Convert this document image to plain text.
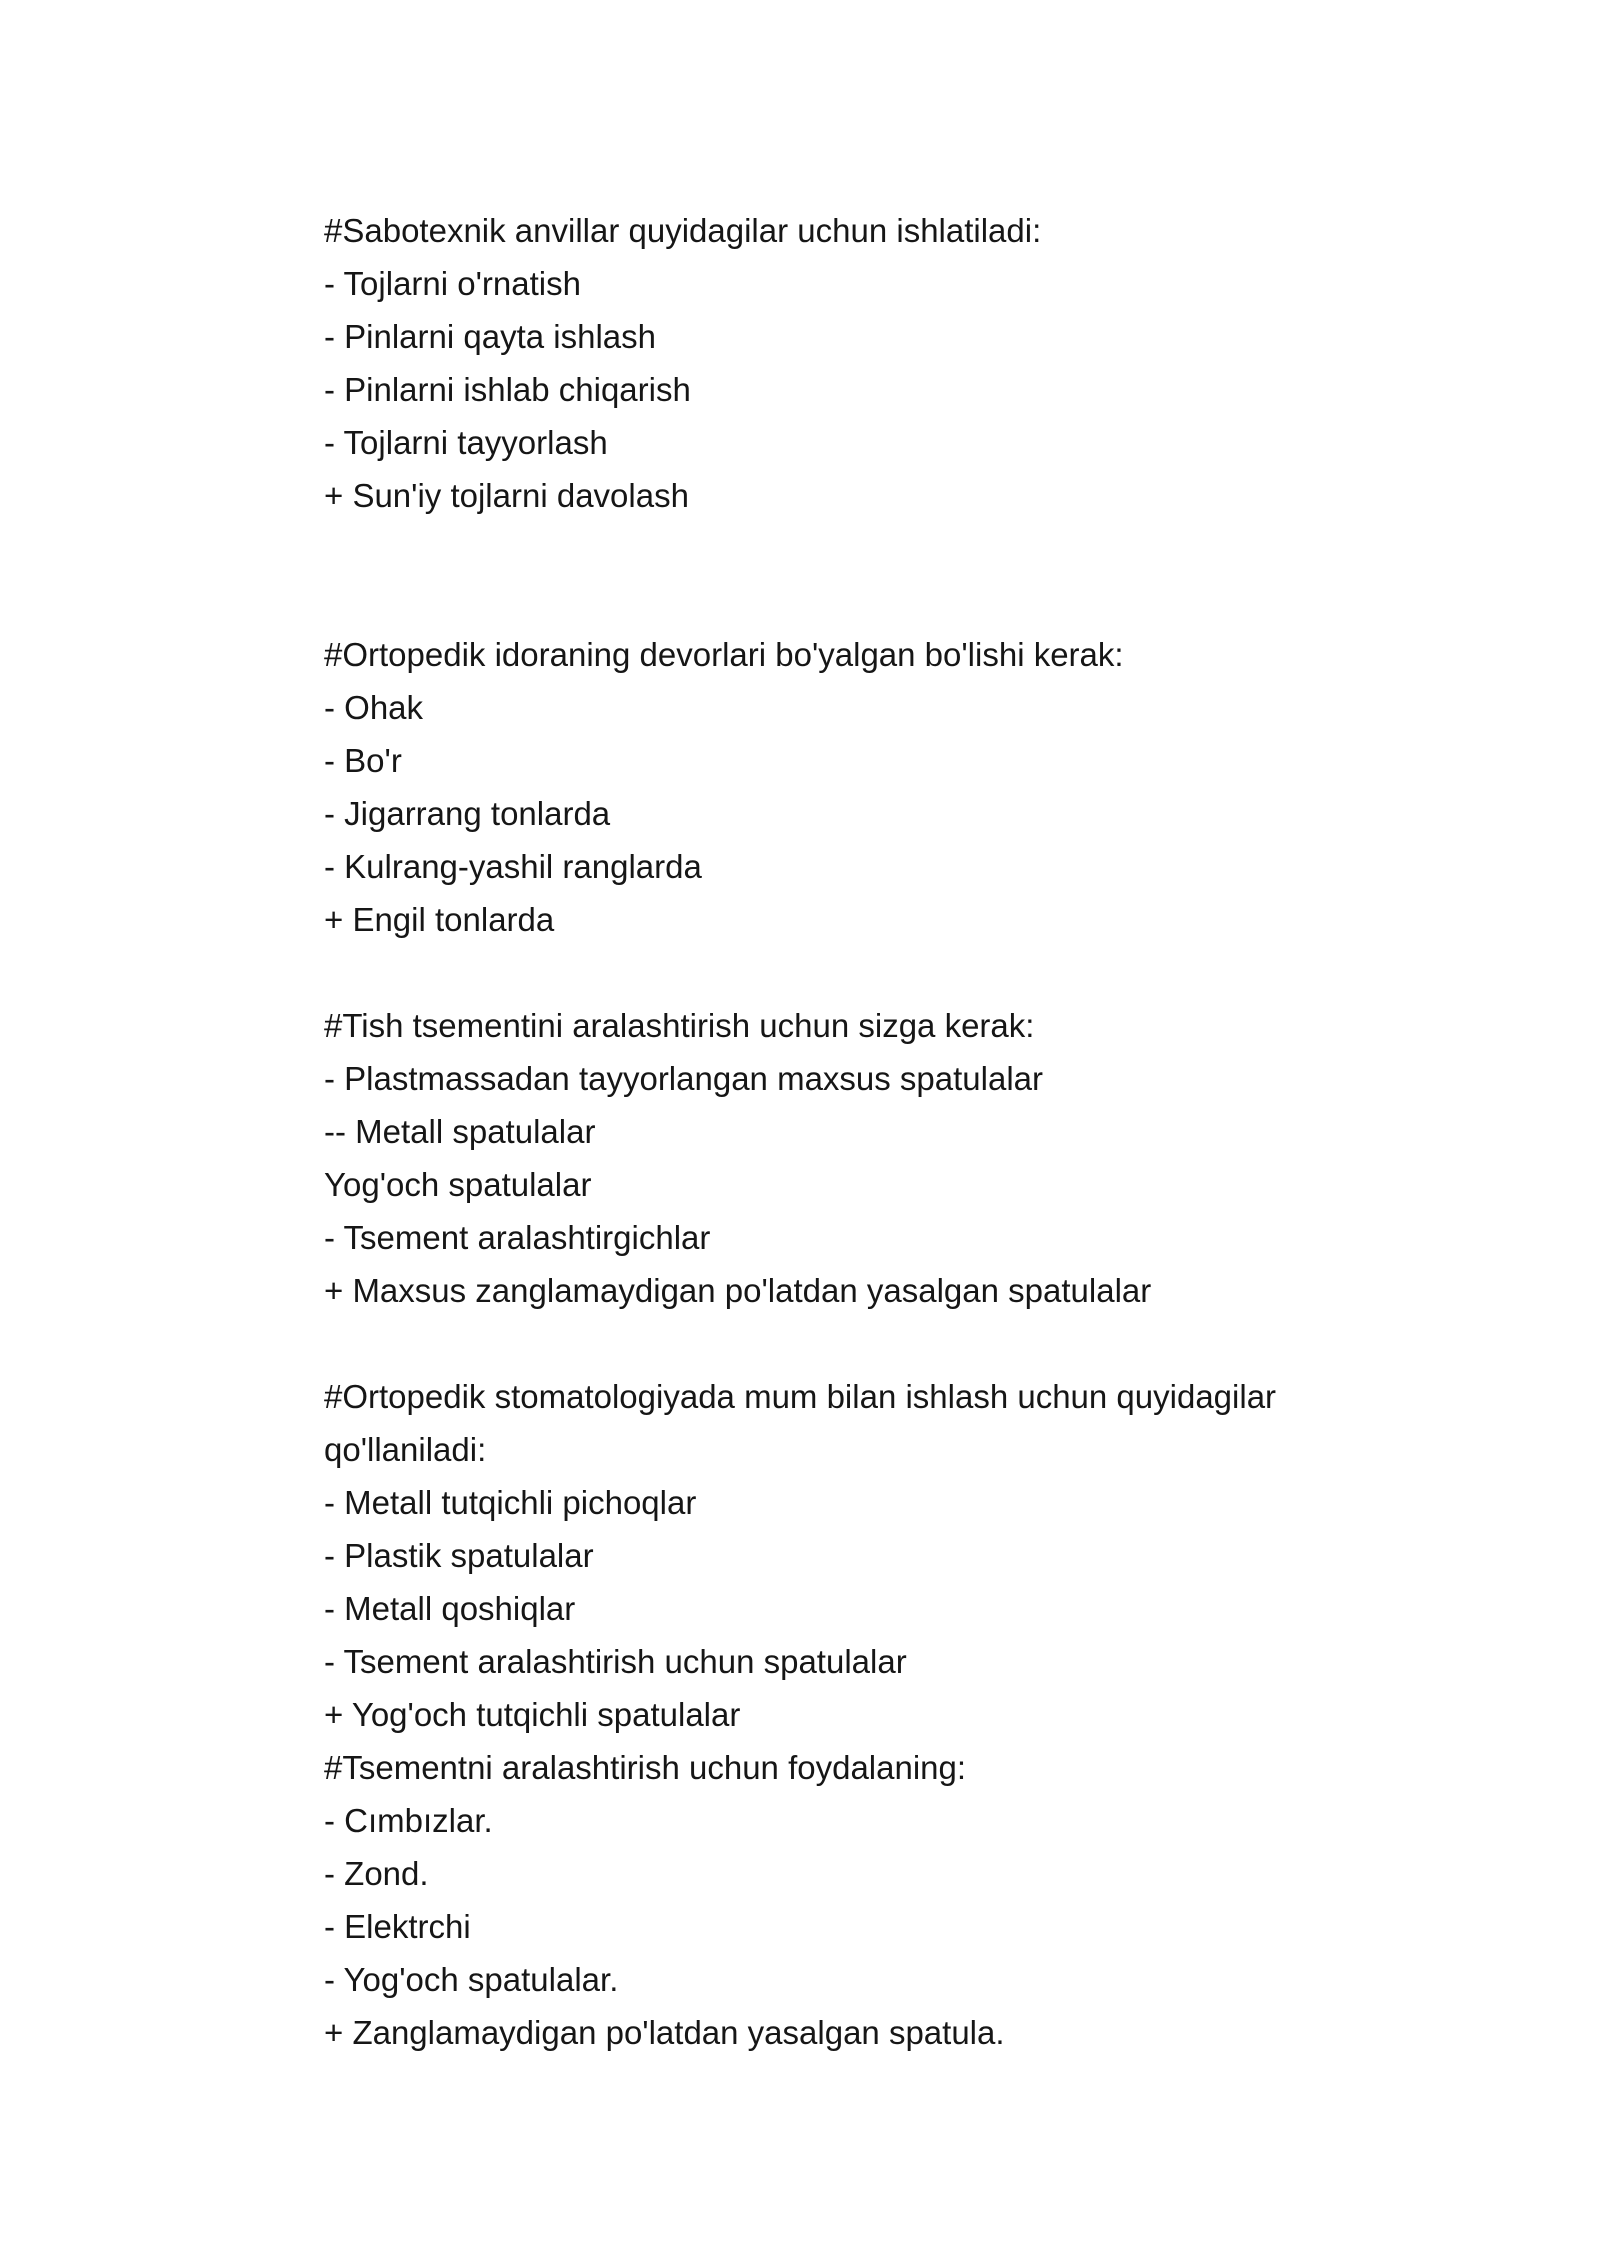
#Sabotexnik anvillar quyidagilar uchun ishlatiladi:
- Tojlarni o'rnatish
- Pinlarni qayta ishlash
- Pinlarni ishlab chiqarish
- Tojlarni tayyorlash
+ Sun'iy tojlarni davolash
#Ortopedik idoraning devorlari bo'yalgan bo'lishi kerak:
- Ohak
- Bo'r
- Jigarrang tonlarda
- Kulrang-yashil ranglarda
+ Engil tonlarda
#Tish tsementini aralashtirish uchun sizga kerak:
- Plastmassadan tayyorlangan maxsus spatulalar
-- Metall spatulalar
Yog'och spatulalar
- Tsement aralashtirgichlar
+ Maxsus zanglamaydigan po'latdan yasalgan spatulalar
#Ortopedik stomatologiyada mum bilan ishlash uchun quyidagilar
qo'llaniladi:
- Metall tutqichli pichoqlar
- Plastik spatulalar
- Metall qoshiqlar
- Tsement aralashtirish uchun spatulalar
+ Yog'och tutqichli spatulalar
#Tsementni aralashtirish uchun foydalaning:
- Cımbızlar.
- Zond.
- Elektrchi
- Yog'och spatulalar.
+ Zanglamaydigan po'latdan yasalgan spatula.
